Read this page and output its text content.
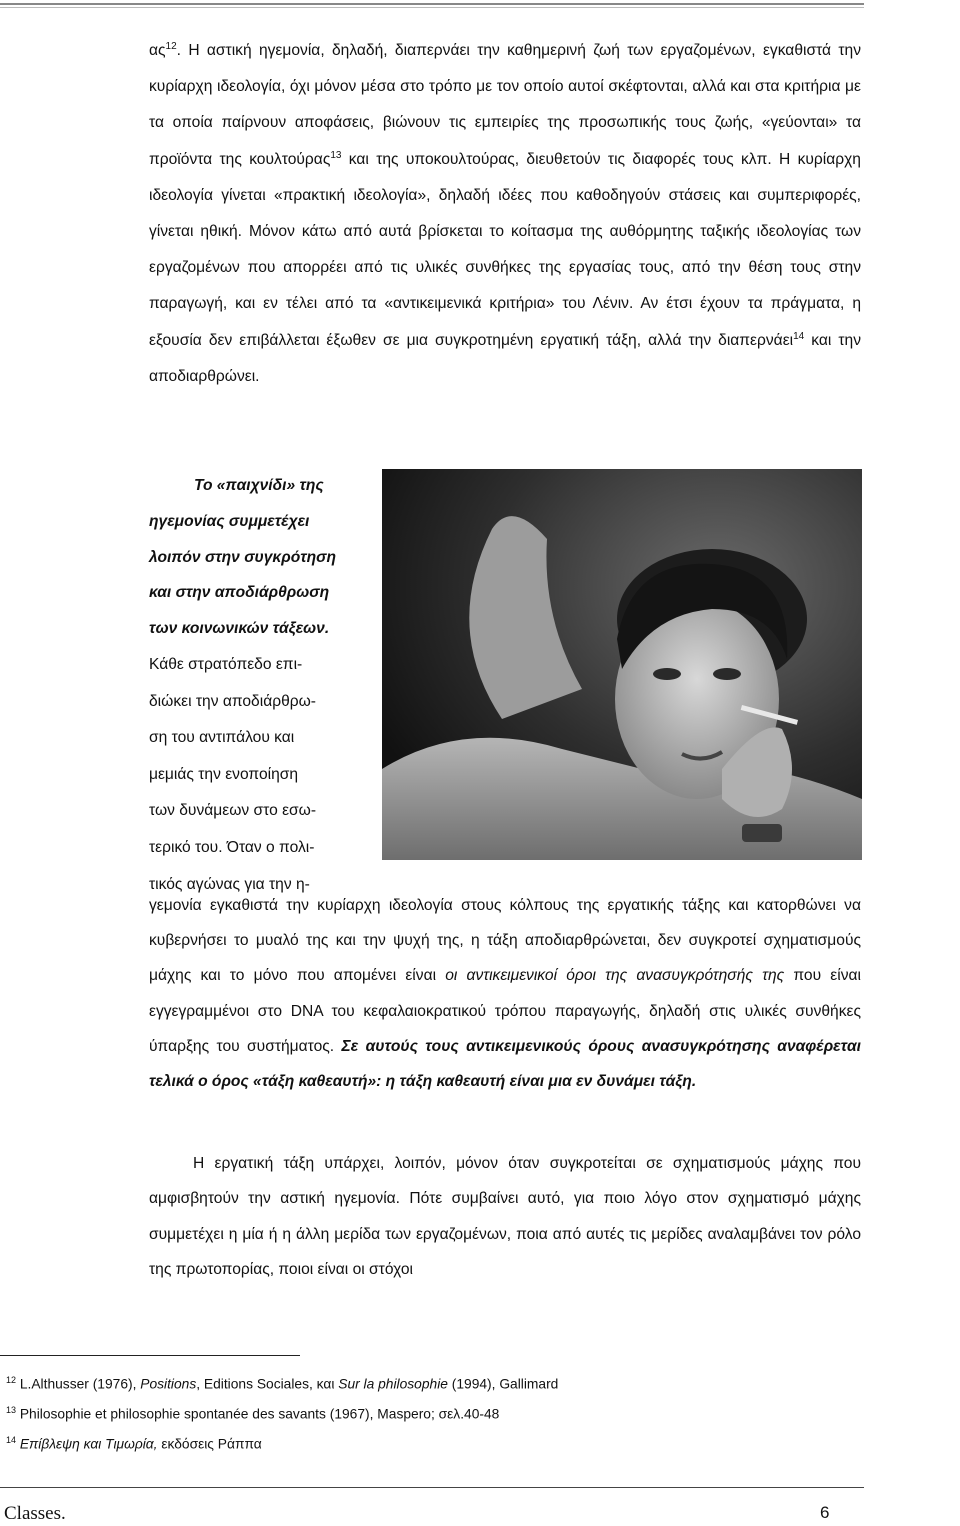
$\alpha\varsigma^{12}$. Η αστική ηγεμονία, δηλαδή, διαπερνάει την καθημερινή ζωή των εργαζομένων, εγκαθιστά την κυρίαρχη ιδεολογία, όχι μόνον μέσα στο τρόπο με τον οποίο αυτοί σκέφτονται, αλλά και στα κριτήρια με τα οποία παίρνουν αποφάσεις, βιώνουν τις εμπειρίες της προσωπικής τους ζωής, «γεύονται» τα προϊόντα της κουλτούρας$^{13}$ και της υποκουλτούρας, διευθετούν τις διαφορές τους κλπ. Η κυρίαρχη ιδεολογία γίνεται «πρακτική ιδεολογία», δηλαδή ιδέες που καθοδηγούν στάσεις και συμπεριφορές, γίνεται ηθική. Μόνον κάτω από αυτά βρίσκεται το κοίτασμα της αυθόρμητης ταξικής ιδεολογίας των εργαζομένων που απορρέει από τις υλικές συνθήκες της εργασίας τους, από την θέση τους στην παραγωγή, και εν τέλει από τα «αντικειμενικά κριτήρια» του Λένιν. Αν έτσι έχουν τα πράγματα, η εξουσία δεν επιβάλλεται έξωθεν σε μια συγκροτημένη εργατική τάξη, αλλά την διαπερνάει$^{14}$ και την αποδιαρθρώνει.

Το «παιχνίδι» της
ηγεμονίας συμμετέχει
λοιπόν στην συγκρότηση
και στην αποδιάρθρωση
των κοινωνικών τάξεων.

Κάθε στρατόπεδο επι-
διώκει την αποδιάρθρω-
ση του αντιπάλου και
μεμιάς την ενοποίηση
των δυνάμεων στο εσω-
τερικό του. Όταν ο πολι-
τικός αγώνας για την η-

γεμονία εγκαθιστά την κυρίαρχη ιδεολογία στους κόλπους της εργατικής τάξης και κατορθώνει να κυβερνήσει το μυαλό της και την ψυχή της, η τάξη αποδιαρθρώνεται, δεν συγκροτεί σχηματισμούς μάχης και το μόνο που απομένει είναι οι αντικειμενικοί όροι της ανασυγκρότησής της που είναι εγγεγραμμένοι στο DNA του κεφαλαιοκρατικού τρόπου παραγωγής, δηλαδή στις υλικές συνθήκες ύπαρξης του συστήματος. Σε αυτούς τους αντικειμενικούς όρους ανασυγκρότησης αναφέρεται τελικά ο όρος «τάξη καθεαυτή»: η τάξη καθεαυτή είναι μια εν δυνάμει τάξη.

Η εργατική τάξη υπάρχει, λοιπόν, μόνον όταν συγκροτείται σε σχηματισμούς μάχης που αμφισβητούν την αστική ηγεμονία. Πότε συμβαίνει αυτό, για ποιο λόγο στον σχηματισμό μάχης συμμετέχει η μία ή η άλλη μερίδα των εργαζομένων, ποια από αυτές τις μερίδες αναλαμβάνει τον ρόλο της πρωτοπορίας, ποιοι είναι οι στόχοι

$^{12}$ L.Althusser (1976), Positions, Editions Sociales, και Sur la philosophie (1994), Gallimard

$^{13}$ Philosophie et philosophie spontanée des savants (1967), Maspero; σελ.40-48

$^{14}$ Επίβλεψη και Τιμωρία, εκδόσεις Ράππα

Classes.	6
